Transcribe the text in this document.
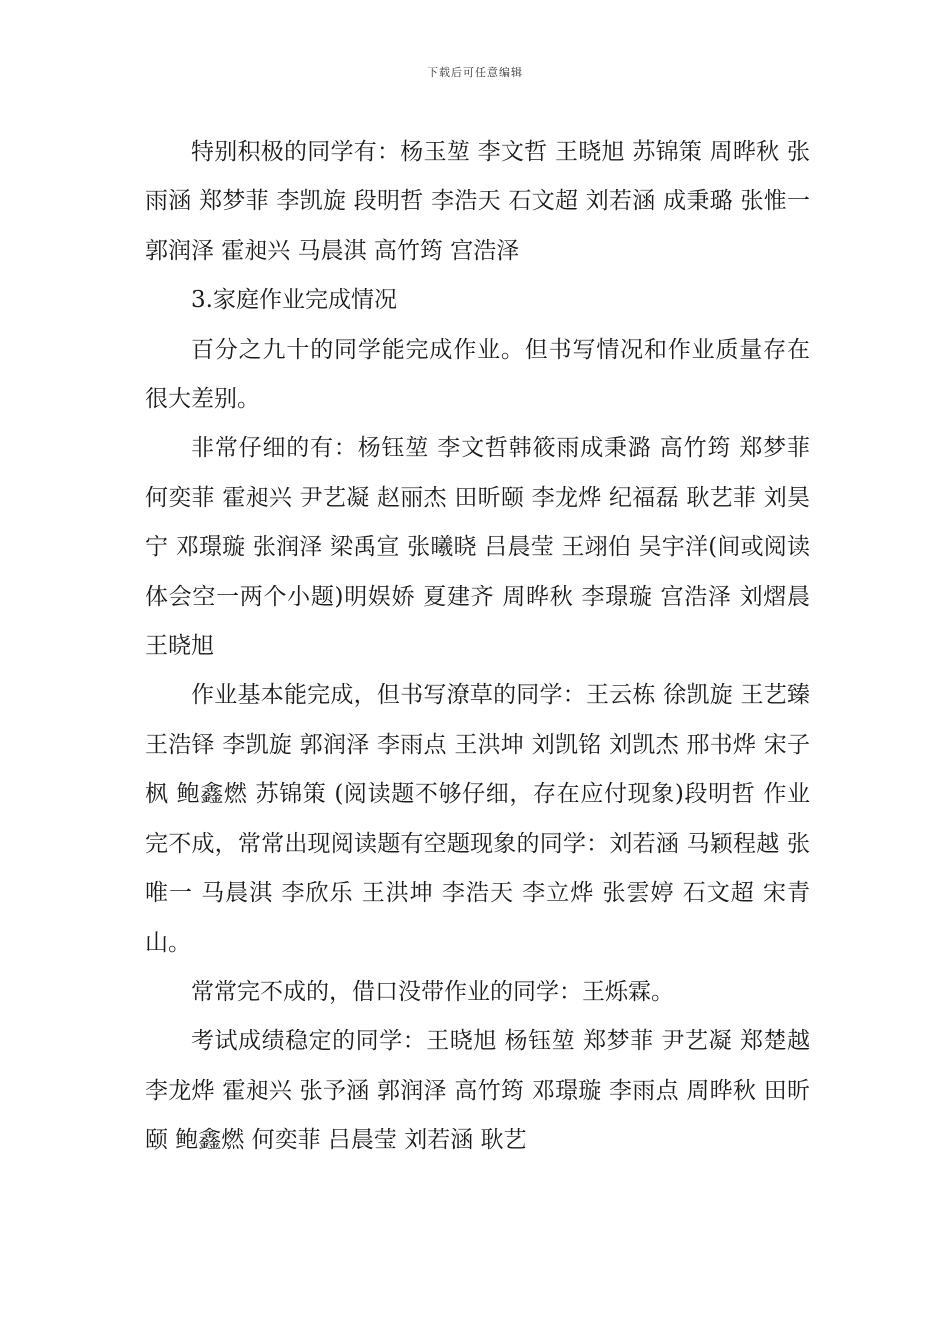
下载后可任意编辑

特别积极的同学有：杨玉堃 李文哲 王晓旭 苏锦策 周晔秋 张雨涵 郑梦菲 李凯旋 段明哲 李浩天 石文超 刘若涵 成秉璐 张惟一 郭润泽 霍昶兴 马晨淇 高竹筠 宫浩泽

3.家庭作业完成情况

百分之九十的同学能完成作业。但书写情况和作业质量存在很大差别。

非常仔细的有：杨钰堃 李文哲韩筱雨成秉潞 高竹筠 郑梦菲 何奕菲 霍昶兴 尹艺凝 赵丽杰 田昕颐 李龙烨 纪福磊 耿艺菲 刘昊宁 邓璟璇 张润泽 梁禹宣 张曦晓 吕晨莹 王翊伯 吴宇洋(间或阅读体会空一两个小题)明娱娇 夏建齐 周晔秋 李璟璇 宫浩泽 刘熠晨 王晓旭

作业基本能完成，但书写潦草的同学：王云栋 徐凯旋 王艺臻 王浩铎 李凯旋 郭润泽 李雨点 王洪坤 刘凯铭 刘凯杰 邢书烨 宋子枫 鲍鑫燃 苏锦策 (阅读题不够仔细，存在应付现象)段明哲 作业完不成，常常出现阅读题有空题现象的同学：刘若涵 马颖程越 张唯一 马晨淇 李欣乐 王洪坤 李浩天 李立烨 张雲婷 石文超 宋青山。

常常完不成的，借口没带作业的同学：王烁霖。

考试成绩稳定的同学：王晓旭 杨钰堃 郑梦菲 尹艺凝 郑楚越 李龙烨 霍昶兴 张予涵 郭润泽 高竹筠 邓璟璇 李雨点 周晔秋 田昕颐 鲍鑫燃 何奕菲 吕晨莹 刘若涵 耿艺
